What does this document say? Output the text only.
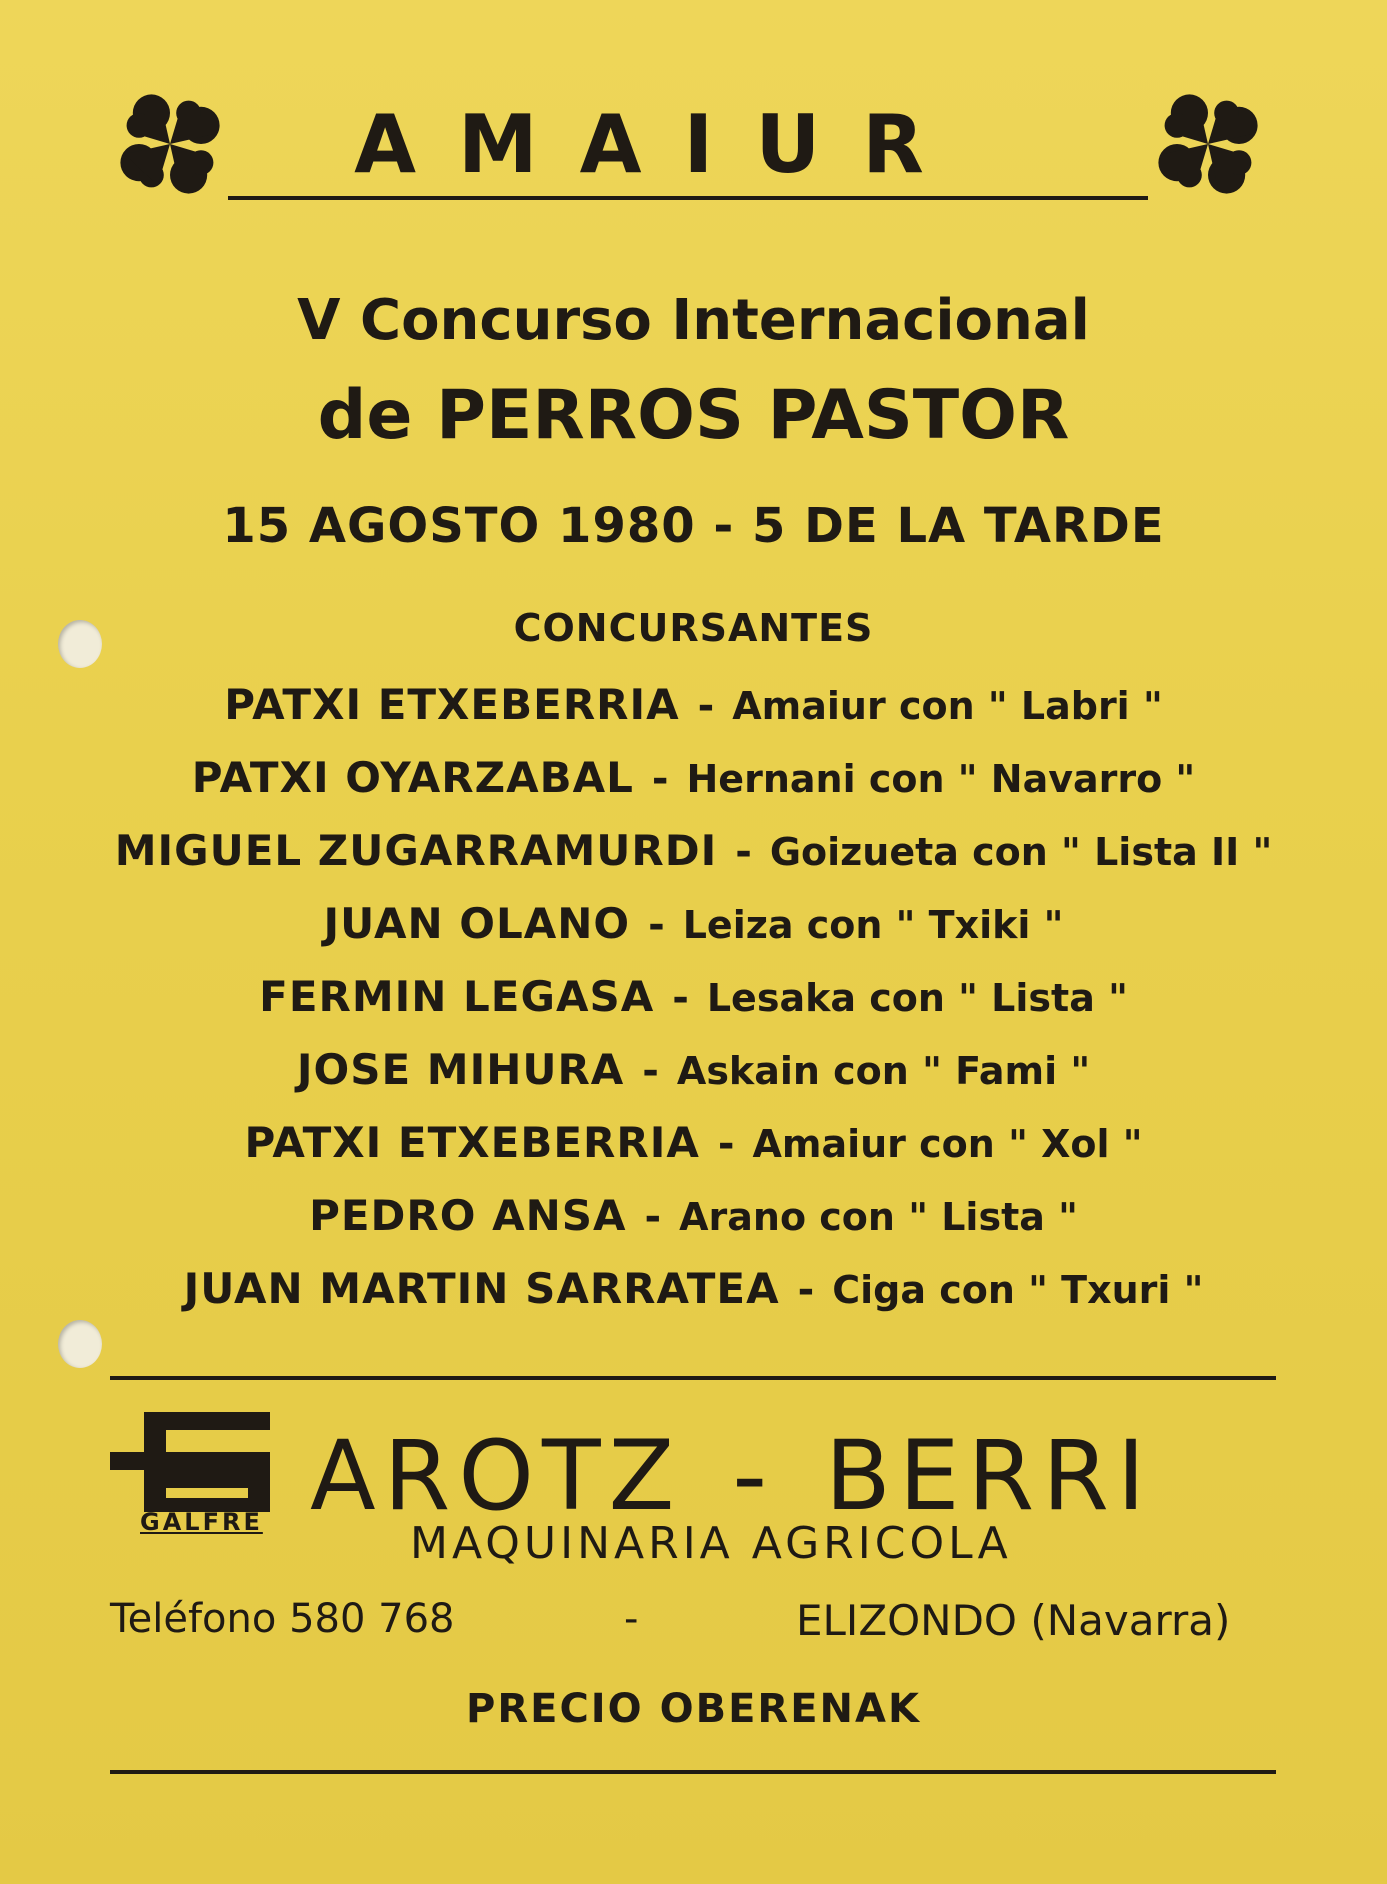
AMAIUR
V Concurso Internacional
de PERROS PASTOR
15 AGOSTO 1980 - 5 DE LA TARDE
CONCURSANTES
PATXI ETXEBERRIA - Amaiur con " Labri "
PATXI OYARZABAL - Hernani con " Navarro "
MIGUEL ZUGARRAMURDI - Goizueta con " Lista II "
JUAN OLANO - Leiza con " Txiki "
FERMIN LEGASA - Lesaka con " Lista "
JOSE MIHURA - Askain con " Fami "
PATXI ETXEBERRIA - Amaiur con " Xol "
PEDRO ANSA - Arano con " Lista "
JUAN MARTIN SARRATEA - Ciga con " Txuri "
GALFRE AROTZ - BERRI
MAQUINARIA AGRICOLA
Teléfono 580 768	-	ELIZONDO (Navarra)
PRECIO OBERENAK
